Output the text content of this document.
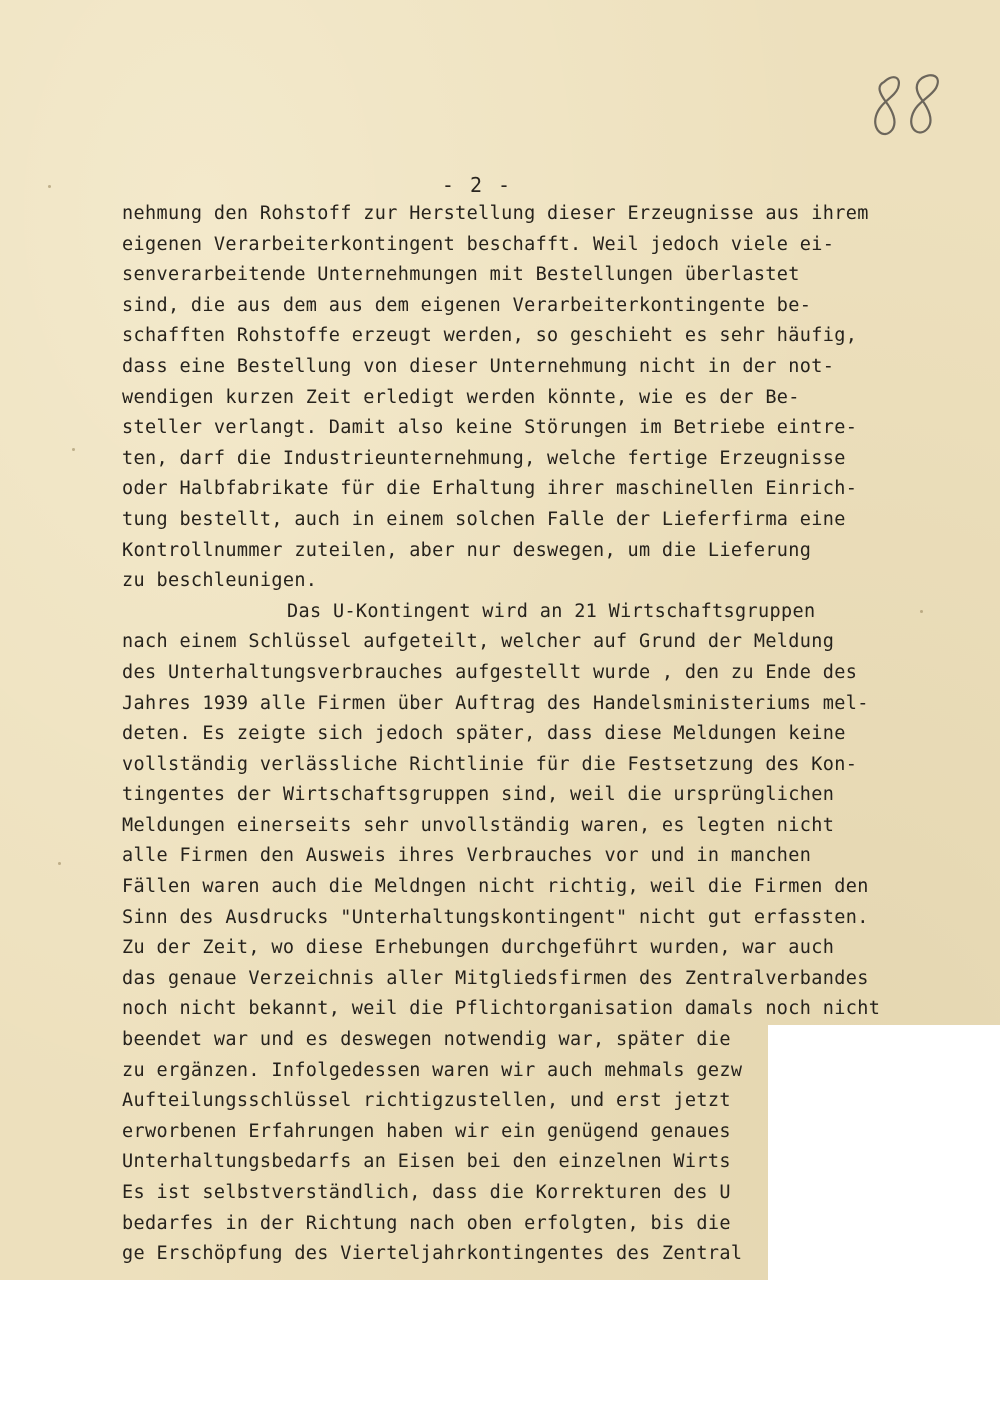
- 2 -
nehmung den Rohstoff zur Herstellung dieser Erzeugnisse aus ihrem
eigenen Verarbeiterkontingent beschafft. Weil jedoch viele ei-
senverarbeitende Unternehmungen mit Bestellungen überlastet
sind, die aus dem aus dem eigenen Verarbeiterkontingente be-
schafften Rohstoffe erzeugt werden, so geschieht es sehr häufig,
dass eine Bestellung von dieser Unternehmung nicht in der not-
wendigen kurzen Zeit erledigt werden könnte, wie es der Be-
steller verlangt. Damit also keine Störungen im Betriebe eintre-
ten, darf die Industrieunternehmung, welche fertige Erzeugnisse
oder Halbfabrikate für die Erhaltung ihrer maschinellen Einrich-
tung bestellt, auch in einem solchen Falle der Lieferfirma eine
Kontrollnummer zuteilen, aber nur deswegen, um die Lieferung
zu beschleunigen.
Das U-Kontingent wird an 21 Wirtschaftsgruppen
nach einem Schlüssel aufgeteilt, welcher auf Grund der Meldung
des Unterhaltungsverbrauches aufgestellt wurde , den zu Ende des
Jahres 1939 alle Firmen über Auftrag des Handelsministeriums mel-
deten. Es zeigte sich jedoch später, dass diese Meldungen keine
vollständig verlässliche Richtlinie für die Festsetzung des Kon-
tingentes der Wirtschaftsgruppen sind, weil die ursprünglichen
Meldungen einerseits sehr unvollständig waren, es legten nicht
alle Firmen den Ausweis ihres Verbrauches vor und in manchen
Fällen waren auch die Meldngen nicht richtig, weil die Firmen den
Sinn des Ausdrucks "Unterhaltungskontingent" nicht gut erfassten.
Zu der Zeit, wo diese Erhebungen durchgeführt wurden, war auch
das genaue Verzeichnis aller Mitgliedsfirmen des Zentralverbandes
noch nicht bekannt, weil die Pflichtorganisation damals noch nicht
beendet war und es deswegen notwendig war, später die
zu ergänzen. Infolgedessen waren wir auch mehmals gezw
Aufteilungsschlüssel richtigzustellen, und erst jetzt
erworbenen Erfahrungen haben wir ein genügend genaues
Unterhaltungsbedarfs an Eisen bei den einzelnen Wirts
Es ist selbstverständlich, dass die Korrekturen des U
bedarfes in der Richtung nach oben erfolgten, bis die
ge Erschöpfung des Vierteljahrkontingentes des Zentral
